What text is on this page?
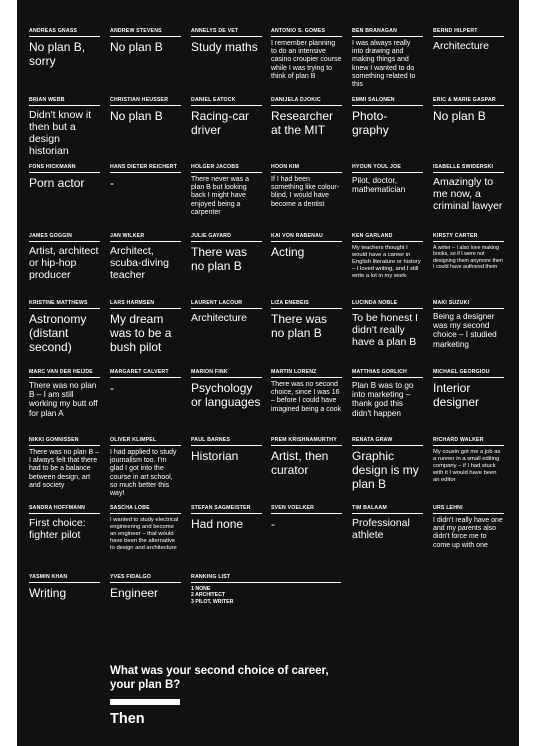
ANDREAS GNASS
No plan B, sorry
ANDREW STEVENS
No plan B
ANNELYS DE VET
Study maths
ANTONIO S. GOMES
I remember planning to do an intensive casino croupier course while I was trying to think of plan B
BEN BRANAGAN
I was always really into drawing and making things and knew I wanted to do something related to this
BERND HILPERT
Architecture
BRIAN WEBB
Didn't know it then but a design historian
CHRISTIAN HEUSSER
No plan B
DANIEL EATOCK
Racing-car driver
DANIJELA DJOKIC
Researcher at the MIT
EMMI SALONEN
Photo-graphy
ERIC & MARIE GASPAR
No plan B
FONS HICKMANN
Porn actor
HANS DIETER REICHERT
-
HOLGER JACOBS
There never was a plan B but looking back I might have enjoyed being a carpenter
HOON KIM
If I had been something like colour-blind, I would have become a dentist
HYOUN YOUL JOE
Pilot, doctor, mathematician
ISABELLE SWIDERSKI
Amazingly to me now, a criminal lawyer
JAMES GOGGIN
Artist, architect or hip-hop producer
JAN WILKER
Architect, scuba-diving teacher
JULIE GAYARD
There was no plan B
KAI VON RABENAU
Acting
KEN GARLAND
My teachers thought I would have a career in English literature or history – I loved writing, and I still write a lot in my work
KIRSTY CARTER
A writer – I also love making books, so if I were not designing them anymore then I could have authored them
KRISTINE MATTHEWS
Astronomy (distant second)
LARS HARMSEN
My dream was to be a bush pilot
LAURENT LACOUR
Architecture
LIZA ENEBEIS
There was no plan B
LUCINDA NOBLE
To be honest I didn't really have a plan B
MAKI SUZUKI
Being a designer was my second choice – I studied marketing
MARC VAN DER HEIJDE
There was no plan B – I am still working my butt off for plan A
MARGARET CALVERT
-
MARION FINK
Psychology or languages
MARTIN LORENZ
There was no second choice, since I was 16 – before I could have imagined being a cook
MATTHIAS GÖRLICH
Plan B was to go into marketing – thank god this didn't happen
MICHAEL GEORGIOU
Interior designer
NIKKI GONNISSEN
There was no plan B – I always felt that there had to be a balance between design, art and society
OLIVER KLIMPEL
I had applied to study journalism too. I'm glad I got into the course in art school, so much better this way!
PAUL BARNES
Historian
PREM KRISHNAMURTHY
Artist, then curator
RENATA GRAW
Graphic design is my plan B
RICHARD WALKER
My cousin got me a job as a runner in a small editing company – if I had stuck with it I would have been an editor
SANDRA HOFFMANN
First choice: fighter pilot
SASCHA LOBE
I wanted to study electrical engineering and become an engineer – that would have been the alternative to design and architecture
STEFAN SAGMEISTER
Had none
SVEN VOELKER
-
TIM BALAAM
Professional athlete
URS LEHNI
I didn't really have one and my parents also didn't force me to come up with one
YASMIN KHAN
Writing
YVES FIDALGO
Engineer
RANKING LIST
1 NONE
2 ARCHITECT
3 PILOT, WRITER
What was your second choice of career, your plan B?
Then
